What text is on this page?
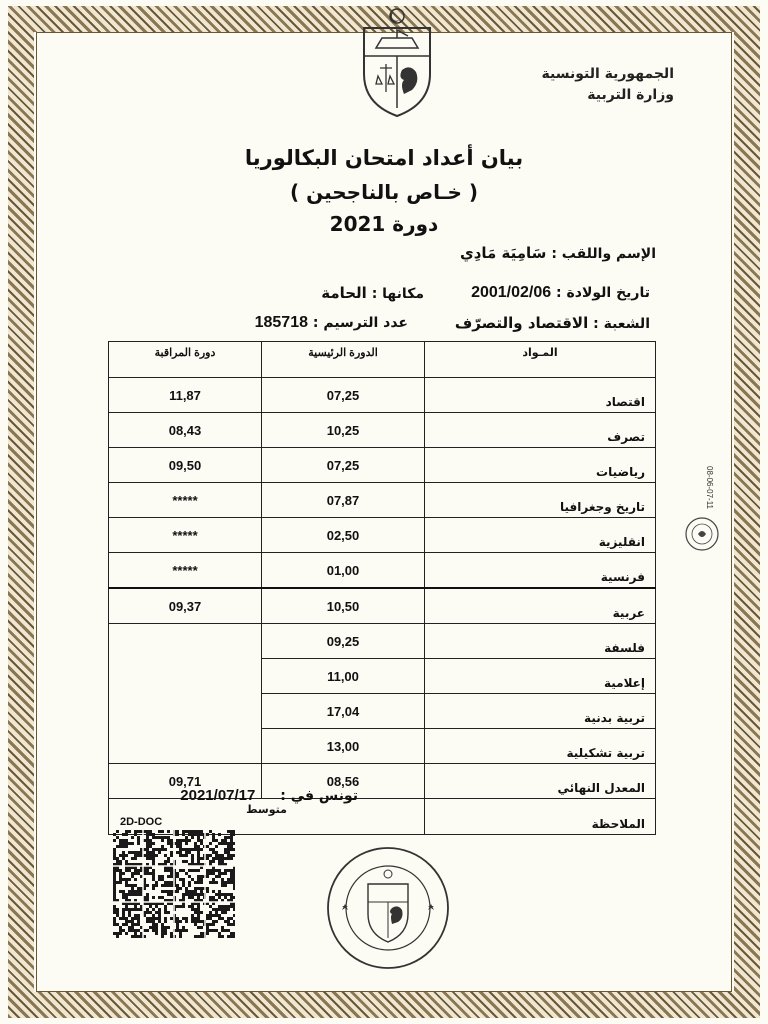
الجمهورية التونسية
وزارة التربية
بيان أعداد امتحان البكالوريا
( خـاص بالناجحين )
دورة 2021
الإسم واللقب : سَامِيَة مَادِي
تاريخ الولادة : 2001/02/06
مكانها : الحامة
الشعبة : الاقتصاد والتصرّف
عدد الترسيم : 185718
المـواد	الدورة الرئيسية	دورة المراقبة
اقتصاد	07,25	11,87
تصرف	10,25	08,43
رياضيات	07,25	09,50
تاريخ وجغرافيا	07,87	*****
انقليزية	02,50	*****
فرنسية	01,00	*****
عربية	10,50	09,37
فلسفة	09,25	
إعلامية	11,00	
تربية بدنية	17,04	
تربية تشكيلية	13,00	
المعدل النهائي	08,56	09,71
الملاحظة	متوسط	
تونس في : 2021/07/17
2D-DOC
08-06-07-11
